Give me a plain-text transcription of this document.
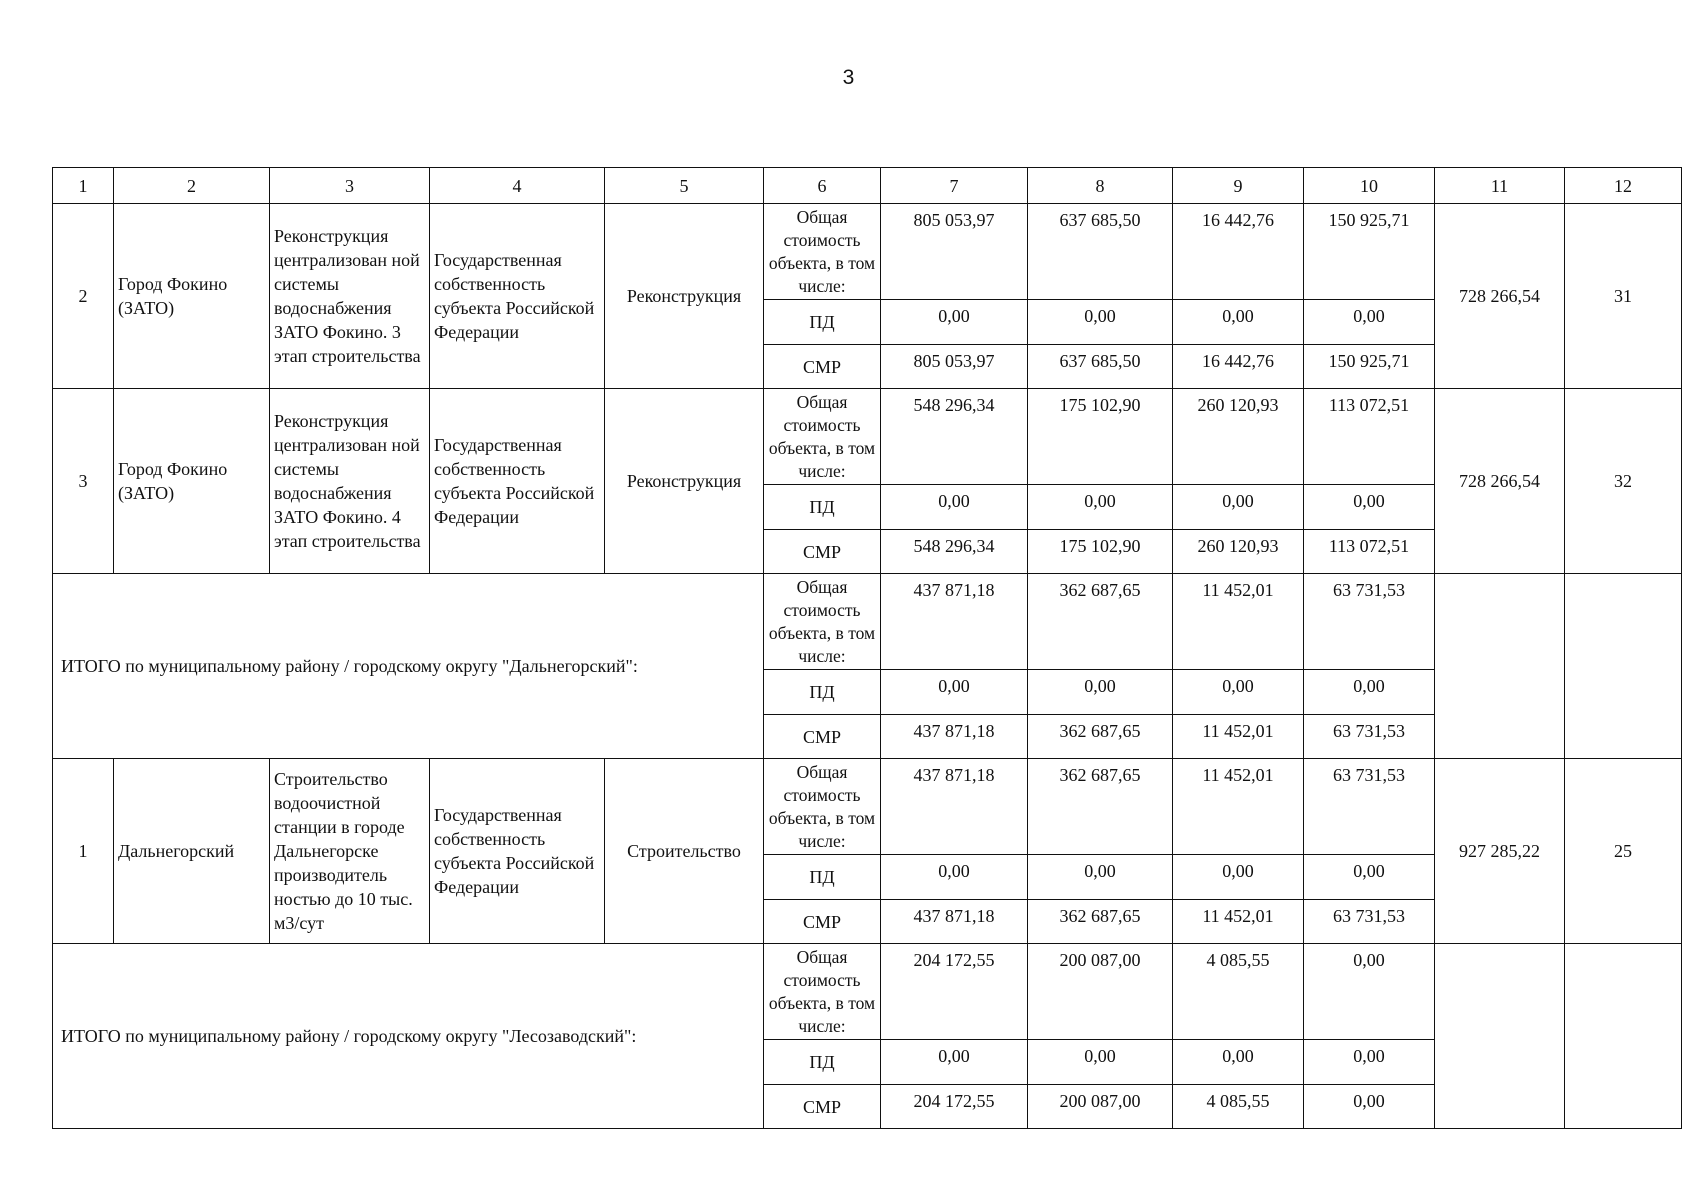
3
1	2	3	4	5	6	7	8	9	10	11	12
2	Город Фокино (ЗАТО)	Реконструкция централизован ной системы водоснабжения ЗАТО Фокино. 3 этап строительства	Государственная собственность субъекта Российской Федерации	Реконструкция	Общая стоимость объекта, в том числе:	805 053,97	637 685,50	16 442,76	150 925,71	728 266,54	31
					ПД	0,00	0,00	0,00	0,00		
					СМР	805 053,97	637 685,50	16 442,76	150 925,71		
3	Город Фокино (ЗАТО)	Реконструкция централизован ной системы водоснабжения ЗАТО Фокино. 4 этап строительства	Государственная собственность субъекта Российской Федерации	Реконструкция	Общая стоимость объекта, в том числе:	548 296,34	175 102,90	260 120,93	113 072,51	728 266,54	32
					ПД	0,00	0,00	0,00	0,00		
					СМР	548 296,34	175 102,90	260 120,93	113 072,51		
ИТОГО по муниципальному району / городскому округу "Дальнегорский":					Общая стоимость объекта, в том числе:	437 871,18	362 687,65	11 452,01	63 731,53		
					ПД	0,00	0,00	0,00	0,00		
					СМР	437 871,18	362 687,65	11 452,01	63 731,53		
1	Дальнегорский	Строительство водоочистной станции в городе Дальнегорске производитель ностью до 10 тыс. м3/сут	Государственная собственность субъекта Российской Федерации	Строительство	Общая стоимость объекта, в том числе:	437 871,18	362 687,65	11 452,01	63 731,53	927 285,22	25
					ПД	0,00	0,00	0,00	0,00		
					СМР	437 871,18	362 687,65	11 452,01	63 731,53		
ИТОГО по муниципальному району / городскому округу "Лесозаводский":					Общая стоимость объекта, в том числе:	204 172,55	200 087,00	4 085,55	0,00		
					ПД	0,00	0,00	0,00	0,00		
					СМР	204 172,55	200 087,00	4 085,55	0,00		
